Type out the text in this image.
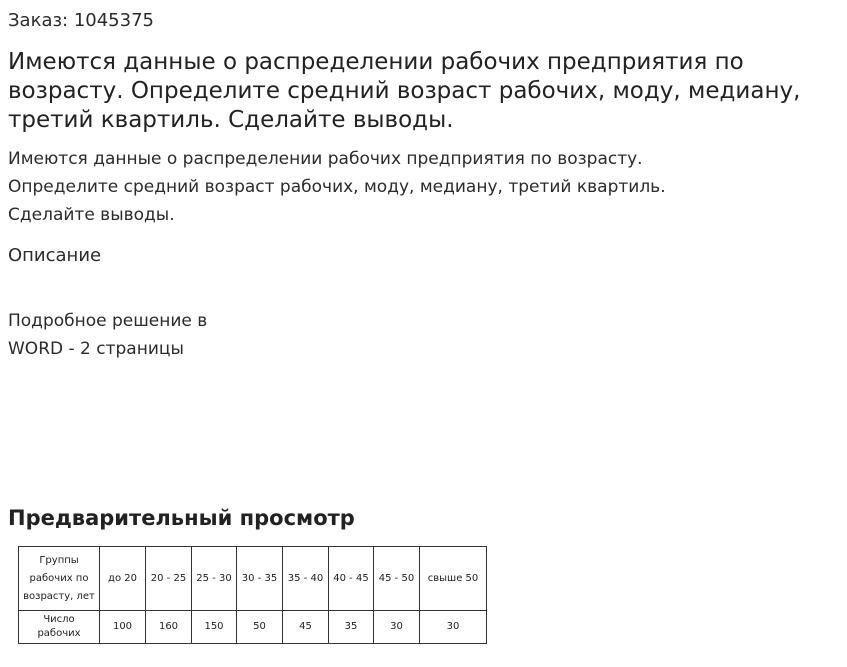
Заказ: 1045375
Имеются данные о распределении рабочих предприятия по возрасту. Определите средний возраст рабочих, моду, медиану, третий квартиль. Сделайте выводы.
Имеются данные о распределении рабочих предприятия по возрасту.
Определите средний возраст рабочих, моду, медиану, третий квартиль.
Сделайте выводы.
Описание
Подробное решение в
WORD - 2 страницы
Предварительный просмотр
Группы рабочих по возрасту, лет	до 20	20 - 25	25 - 30	30 - 35	35 - 40	40 - 45	45 - 50	свыше 50
Число рабочих	100	160	150	50	45	35	30	30
